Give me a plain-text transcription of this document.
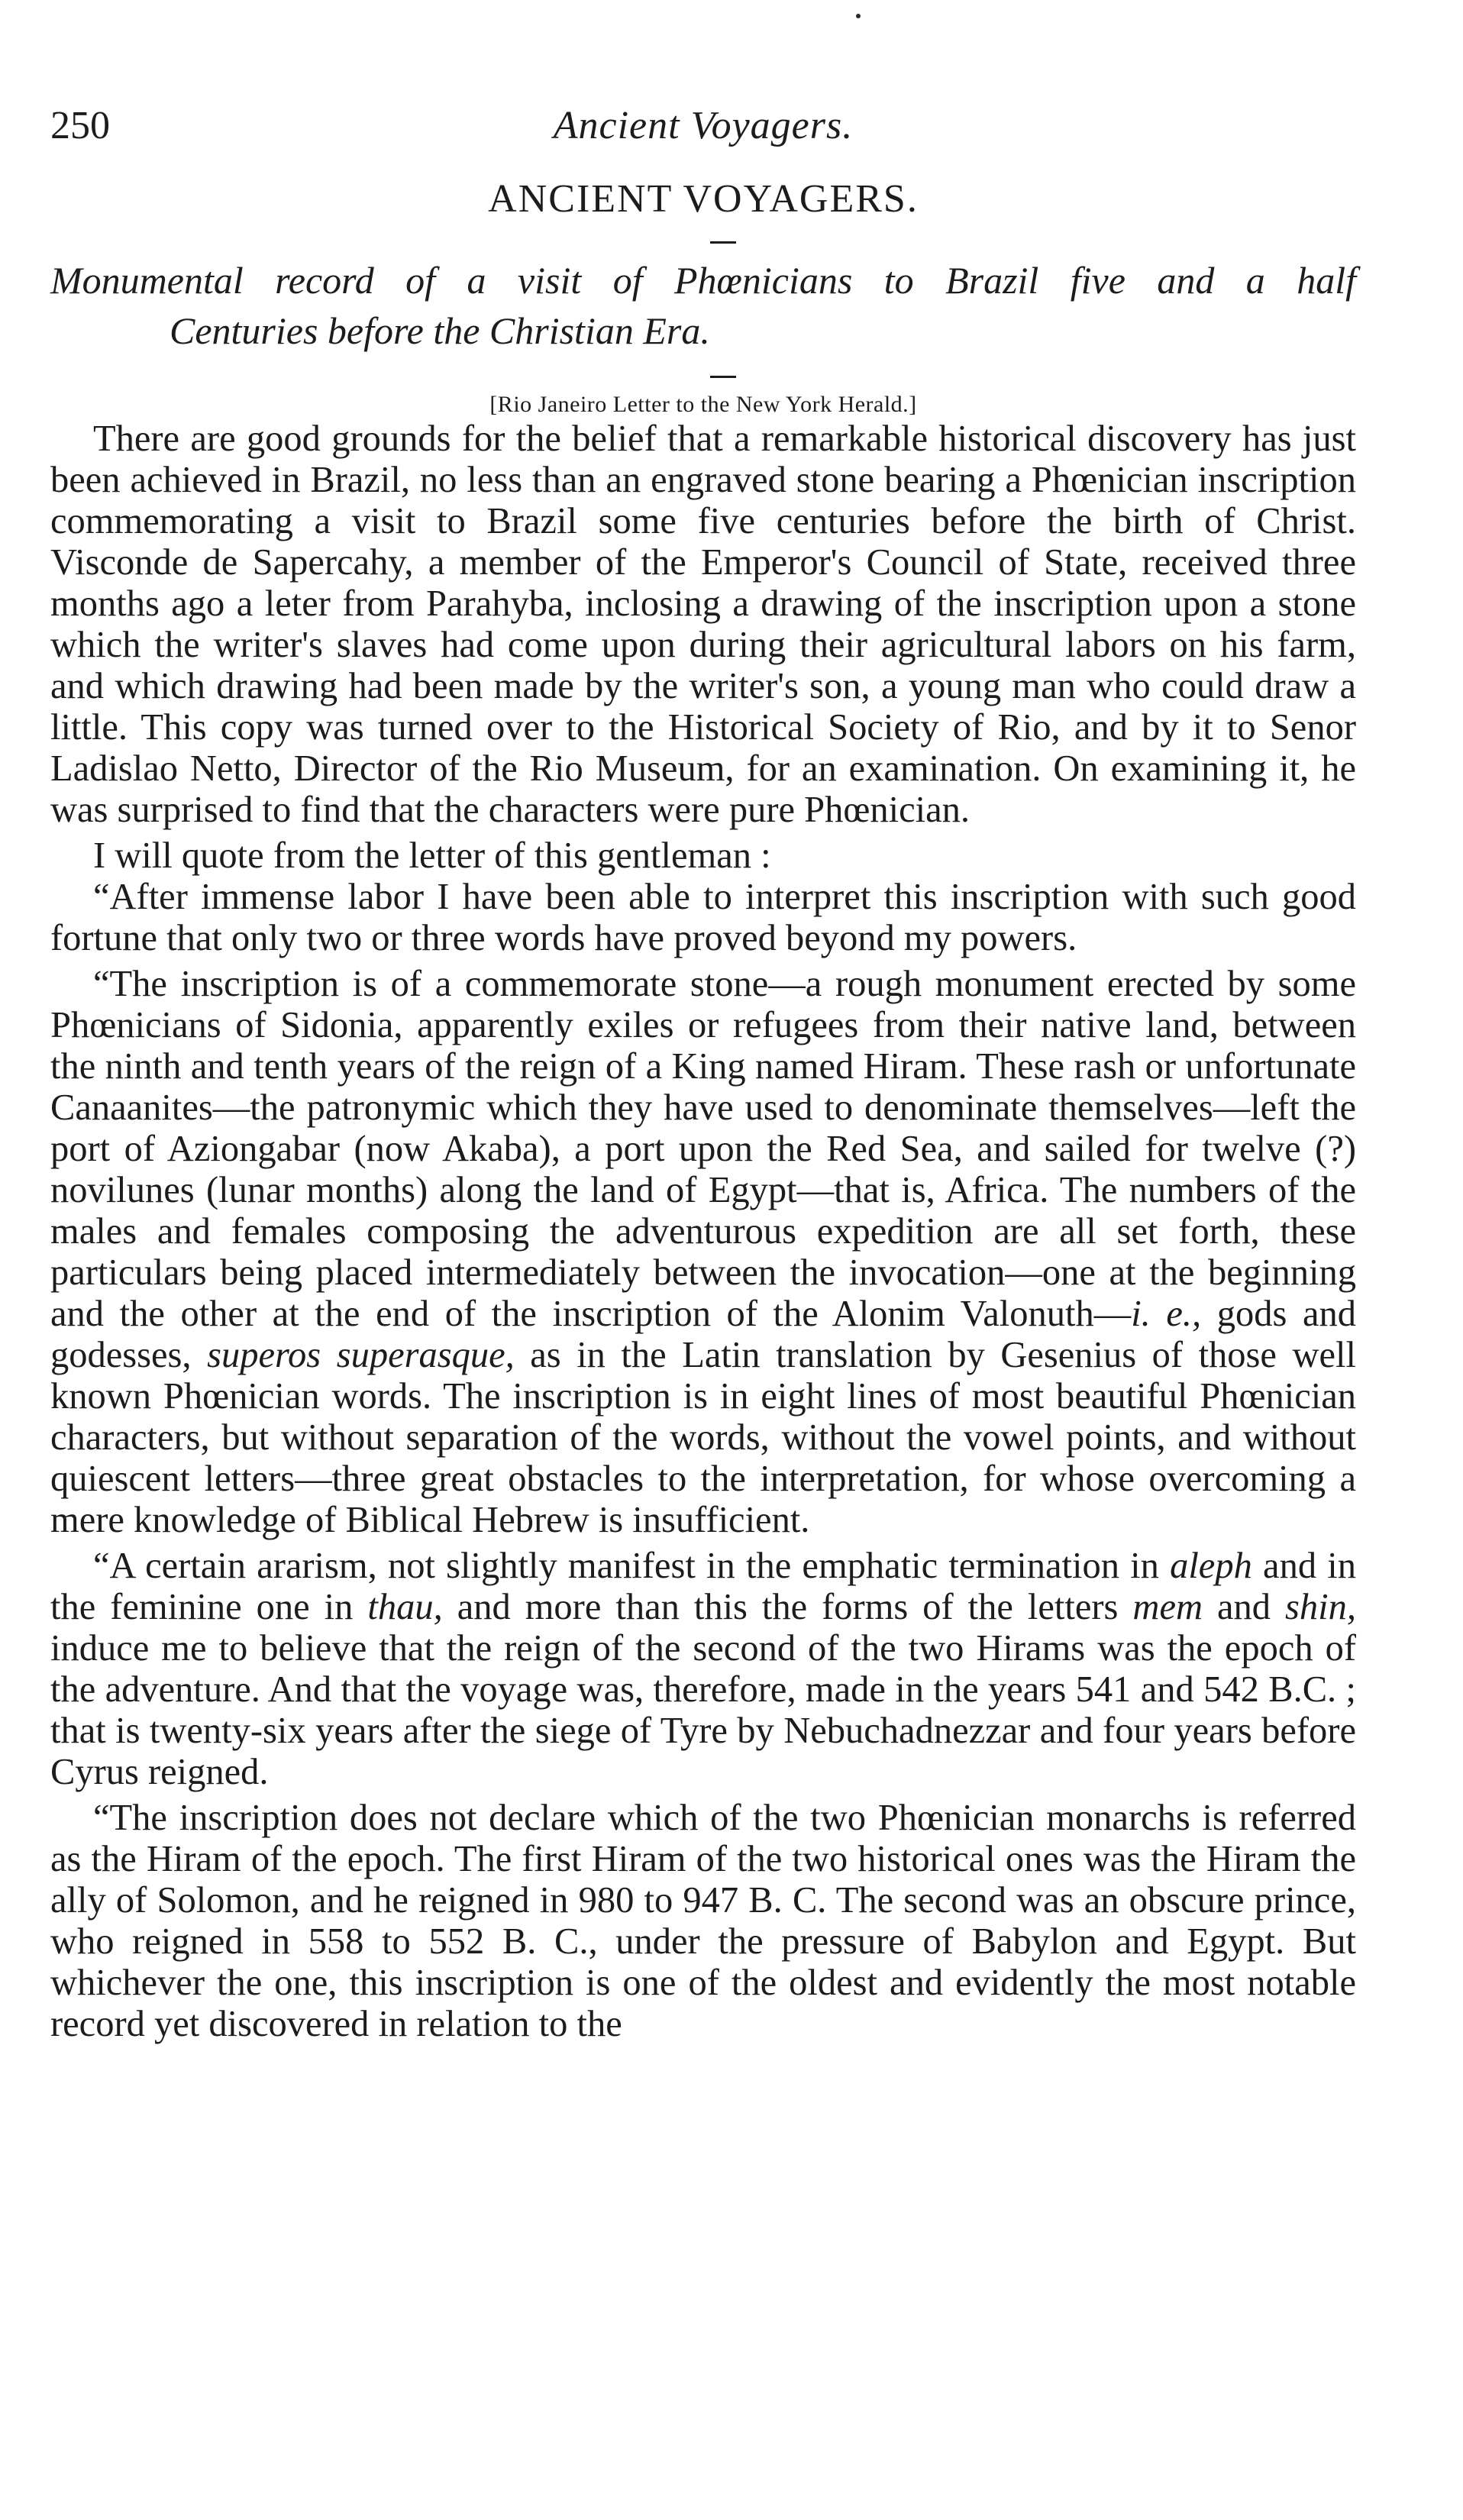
250	Ancient Voyagers.
ANCIENT VOYAGERS.
Monumental record of a visit of Phœnicians to Brazil five and a half
Centuries before the Christian Era.
[Rio Janeiro Letter to the New York Herald.]

There are good grounds for the belief that a remarkable historical discovery has just been achieved in Brazil, no less than an engraved stone bearing a Phœnician inscription commemorating a visit to Brazil some five centuries before the birth of Christ. Visconde de Sapercahy, a member of the Emperor's Council of State, received three months ago a leter from Parahyba, inclosing a drawing of the inscription upon a stone which the writer's slaves had come upon during their agricultural labors on his farm, and which drawing had been made by the writer's son, a young man who could draw a little. This copy was turned over to the Historical Society of Rio, and by it to Senor Ladislao Netto, Director of the Rio Museum, for an examination. On examining it, he was surprised to find that the characters were pure Phœnician.

I will quote from the letter of this gentleman :

“After immense labor I have been able to interpret this inscription with such good fortune that only two or three words have proved beyond my powers.

“The inscription is of a commemorate stone—a rough monument erected by some Phœnicians of Sidonia, apparently exiles or refugees from their native land, between the ninth and tenth years of the reign of a King named Hiram. These rash or unfortunate Canaanites—the patronymic which they have used to denominate themselves—left the port of Aziongabar (now Akaba), a port upon the Red Sea, and sailed for twelve (?) novilunes (lunar months) along the land of Egypt—that is, Africa. The numbers of the males and females composing the adventurous expedition are all set forth, these particulars being placed intermediately between the invocation—one at the beginning and the other at the end of the inscription of the Alonim Valonuth—i. e., gods and godesses, superos superasque, as in the Latin translation by Gesenius of those well known Phœnician words. The inscription is in eight lines of most beautiful Phœnician characters, but without separation of the words, without the vowel points, and without quiescent letters—three great obstacles to the interpretation, for whose overcoming a mere knowledge of Biblical Hebrew is insufficient.

“A certain ararism, not slightly manifest in the emphatic termination in aleph and in the feminine one in thau, and more than this the forms of the letters mem and shin, induce me to believe that the reign of the second of the two Hirams was the epoch of the adventure. And that the voyage was, therefore, made in the years 541 and 542 B.C. ; that is twenty-six years after the siege of Tyre by Nebuchadnezzar and four years before Cyrus reigned.

“The inscription does not declare which of the two Phœnician monarchs is referred as the Hiram of the epoch. The first Hiram of the two historical ones was the Hiram the ally of Solomon, and he reigned in 980 to 947 B. C. The second was an obscure prince, who reigned in 558 to 552 B. C., under the pressure of Babylon and Egypt. But whichever the one, this inscription is one of the oldest and evidently the most notable record yet discovered in relation to the
